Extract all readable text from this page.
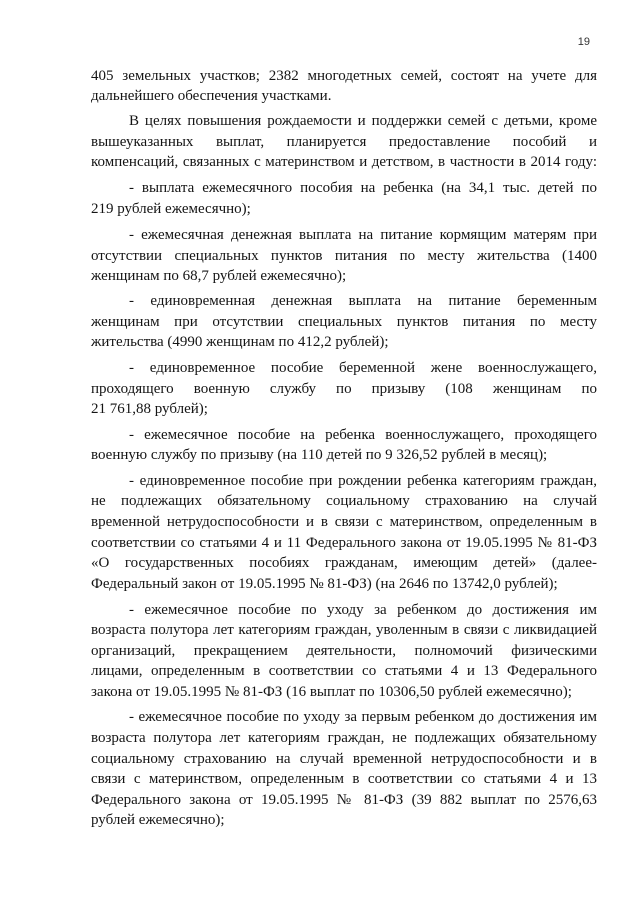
19
405 земельных участков; 2382 многодетных семей, состоят на учете для
дальнейшего обеспечения участками.
В целях повышения рождаемости и поддержки семей с детьми, кроме
вышеуказанных выплат, планируется предоставление пособий и
компенсаций, связанных с материнством и детством, в частности в 2014 году:
- выплата ежемесячного пособия на ребенка (на 34,1 тыс. детей по
219 рублей ежемесячно);
- ежемесячная денежная выплата на питание кормящим матерям при
отсутствии специальных пунктов питания по месту жительства (1400
женщинам по 68,7 рублей ежемесячно);
- единовременная денежная выплата на питание беременным
женщинам при отсутствии специальных пунктов питания по месту
жительства (4990 женщинам по 412,2 рублей);
- единовременное пособие беременной жене военнослужащего,
проходящего военную службу по призыву (108 женщинам по
21 761,88 рублей);
- ежемесячное пособие на ребенка военнослужащего, проходящего
военную службу по призыву (на 110 детей по 9 326,52 рублей в месяц);
- единовременное пособие при рождении ребенка категориям граждан,
не подлежащих обязательному социальному страхованию на случай
временной нетрудоспособности и в связи с материнством, определенным в
соответствии со статьями 4 и 11 Федерального закона от 19.05.1995 № 81-ФЗ
«О государственных пособиях гражданам, имеющим детей» (далее-
Федеральный закон от 19.05.1995 № 81-ФЗ) (на 2646 по 13742,0 рублей);
- ежемесячное пособие по уходу за ребенком до достижения им
возраста полутора лет категориям граждан, уволенным в связи с ликвидацией
организаций, прекращением деятельности, полномочий физическими
лицами, определенным в соответствии со статьями 4 и 13 Федерального
закона от 19.05.1995 № 81-ФЗ (16 выплат по 10306,50 рублей ежемесячно);
- ежемесячное пособие по уходу за первым ребенком до достижения им
возраста полутора лет категориям граждан, не подлежащих обязательному
социальному страхованию на случай временной нетрудоспособности и в
связи с материнством, определенным в соответствии со статьями 4 и 13
Федерального закона от 19.05.1995 № 81-ФЗ (39 882 выплат по 2576,63
рублей ежемесячно);
